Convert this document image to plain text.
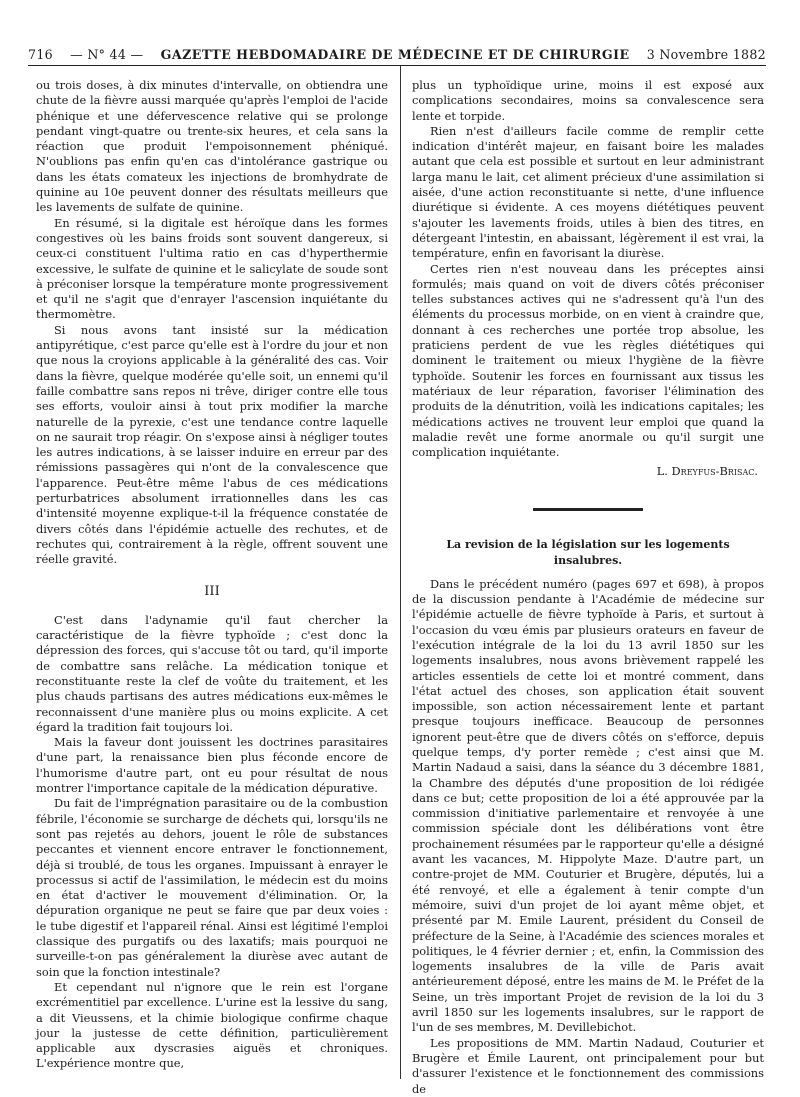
716 — N° 44 — GAZETTE HEBDOMADAIRE DE MÉDECINE ET DE CHIRURGIE 3 Novembre 1882

ou trois doses, à dix minutes d'intervalle, on obtiendra une chute de la fièvre aussi marquée qu'après l'emploi de l'acide phénique et une défervescence relative qui se prolonge pendant vingt-quatre ou trente-six heures, et cela sans la réaction que produit l'empoisonnement phéniqué. N'oublions pas enfin qu'en cas d'intolérance gastrique ou dans les états comateux les injections de bromhydrate de quinine au 10e peuvent donner des résultats meilleurs que les lavements de sulfate de quinine.

En résumé, si la digitale est héroïque dans les formes congestives où les bains froids sont souvent dangereux, si ceux-ci constituent l'ultima ratio en cas d'hyperthermie excessive, le sulfate de quinine et le salicylate de soude sont à préconiser lorsque la température monte progressivement et qu'il ne s'agit que d'enrayer l'ascension inquiétante du thermomètre.

Si nous avons tant insisté sur la médication antipyrétique, c'est parce qu'elle est à l'ordre du jour et non que nous la croyions applicable à la généralité des cas. Voir dans la fièvre, quelque modérée qu'elle soit, un ennemi qu'il faille combattre sans repos ni trêve, diriger contre elle tous ses efforts, vouloir ainsi à tout prix modifier la marche naturelle de la pyrexie, c'est une tendance contre laquelle on ne saurait trop réagir. On s'expose ainsi à négliger toutes les autres indications, à se laisser induire en erreur par des rémissions passagères qui n'ont de la convalescence que l'apparence. Peut-être même l'abus de ces médications perturbatrices absolument irrationnelles dans les cas d'intensité moyenne explique-t-il la fréquence constatée de divers côtés dans l'épidémie actuelle des rechutes, et de rechutes qui, contrairement à la règle, offrent souvent une réelle gravité.

III

C'est dans l'adynamie qu'il faut chercher la caractéristique de la fièvre typhoïde ; c'est donc la dépression des forces, qui s'accuse tôt ou tard, qu'il importe de combattre sans relâche. La médication tonique et reconstituante reste la clef de voûte du traitement, et les plus chauds partisans des autres médications eux-mêmes le reconnaissent d'une manière plus ou moins explicite. A cet égard la tradition fait toujours loi.

Mais la faveur dont jouissent les doctrines parasitaires d'une part, la renaissance bien plus féconde encore de l'humorisme d'autre part, ont eu pour résultat de nous montrer l'importance capitale de la médication dépurative.

Du fait de l'imprégnation parasitaire ou de la combustion fébrile, l'économie se surcharge de déchets qui, lorsqu'ils ne sont pas rejetés au dehors, jouent le rôle de substances peccantes et viennent encore entraver le fonctionnement, déjà si troublé, de tous les organes. Impuissant à enrayer le processus si actif de l'assimilation, le médecin est du moins en état d'activer le mouvement d'élimination. Or, la dépuration organique ne peut se faire que par deux voies : le tube digestif et l'appareil rénal. Ainsi est légitimé l'emploi classique des purgatifs ou des laxatifs; mais pourquoi ne surveille-t-on pas généralement la diurèse avec autant de soin que la fonction intestinale?

Et cependant nul n'ignore que le rein est l'organe excrémentitiel par excellence. L'urine est la lessive du sang, a dit Vieussens, et la chimie biologique confirme chaque jour la justesse de cette définition, particulièrement applicable aux dyscrasies aiguës et chroniques. L'expérience montre que,

plus un typhoïdique urine, moins il est exposé aux complications secondaires, moins sa convalescence sera lente et torpide.

Rien n'est d'ailleurs facile comme de remplir cette indication d'intérêt majeur, en faisant boire les malades autant que cela est possible et surtout en leur administrant larga manu le lait, cet aliment précieux d'une assimilation si aisée, d'une action reconstituante si nette, d'une influence diurétique si évidente. A ces moyens diététiques peuvent s'ajouter les lavements froids, utiles à bien des titres, en détergeant l'intestin, en abaissant, légèrement il est vrai, la température, enfin en favorisant la diurèse.

Certes rien n'est nouveau dans les préceptes ainsi formulés; mais quand on voit de divers côtés préconiser telles substances actives qui ne s'adressent qu'à l'un des éléments du processus morbide, on en vient à craindre que, donnant à ces recherches une portée trop absolue, les praticiens perdent de vue les règles diététiques qui dominent le traitement ou mieux l'hygiène de la fièvre typhoïde. Soutenir les forces en fournissant aux tissus les matériaux de leur réparation, favoriser l'élimination des produits de la dénutrition, voilà les indications capitales; les médications actives ne trouvent leur emploi que quand la maladie revêt une forme anormale ou qu'il surgit une complication inquiétante.

L. Dreyfus-Brisac.
La revision de la législation sur les logements insalubres.

Dans le précédent numéro (pages 697 et 698), à propos de la discussion pendante à l'Académie de médecine sur l'épidémie actuelle de fièvre typhoïde à Paris, et surtout à l'occasion du vœu émis par plusieurs orateurs en faveur de l'exécution intégrale de la loi du 13 avril 1850 sur les logements insalubres, nous avons brièvement rappelé les articles essentiels de cette loi et montré comment, dans l'état actuel des choses, son application était souvent impossible, son action nécessairement lente et partant presque toujours inefficace. Beaucoup de personnes ignorent peut-être que de divers côtés on s'efforce, depuis quelque temps, d'y porter remède ; c'est ainsi que M. Martin Nadaud a saisi, dans la séance du 3 décembre 1881, la Chambre des députés d'une proposition de loi rédigée dans ce but; cette proposition de loi a été approuvée par la commission d'initiative parlementaire et renvoyée à une commission spéciale dont les délibérations vont être prochainement résumées par le rapporteur qu'elle a désigné avant les vacances, M. Hippolyte Maze. D'autre part, un contre-projet de MM. Couturier et Brugère, députés, lui a été renvoyé, et elle a également à tenir compte d'un mémoire, suivi d'un projet de loi ayant même objet, et présenté par M. Emile Laurent, président du Conseil de préfecture de la Seine, à l'Académie des sciences morales et politiques, le 4 février dernier ; et, enfin, la Commission des logements insalubres de la ville de Paris avait antérieurement déposé, entre les mains de M. le Préfet de la Seine, un très important Projet de revision de la loi du 3 avril 1850 sur les logements insalubres, sur le rapport de l'un de ses membres, M. Devillebichot.

Les propositions de MM. Martin Nadaud, Couturier et Brugère et Émile Laurent, ont principalement pour but d'assurer l'existence et le fonctionnement des commissions de
